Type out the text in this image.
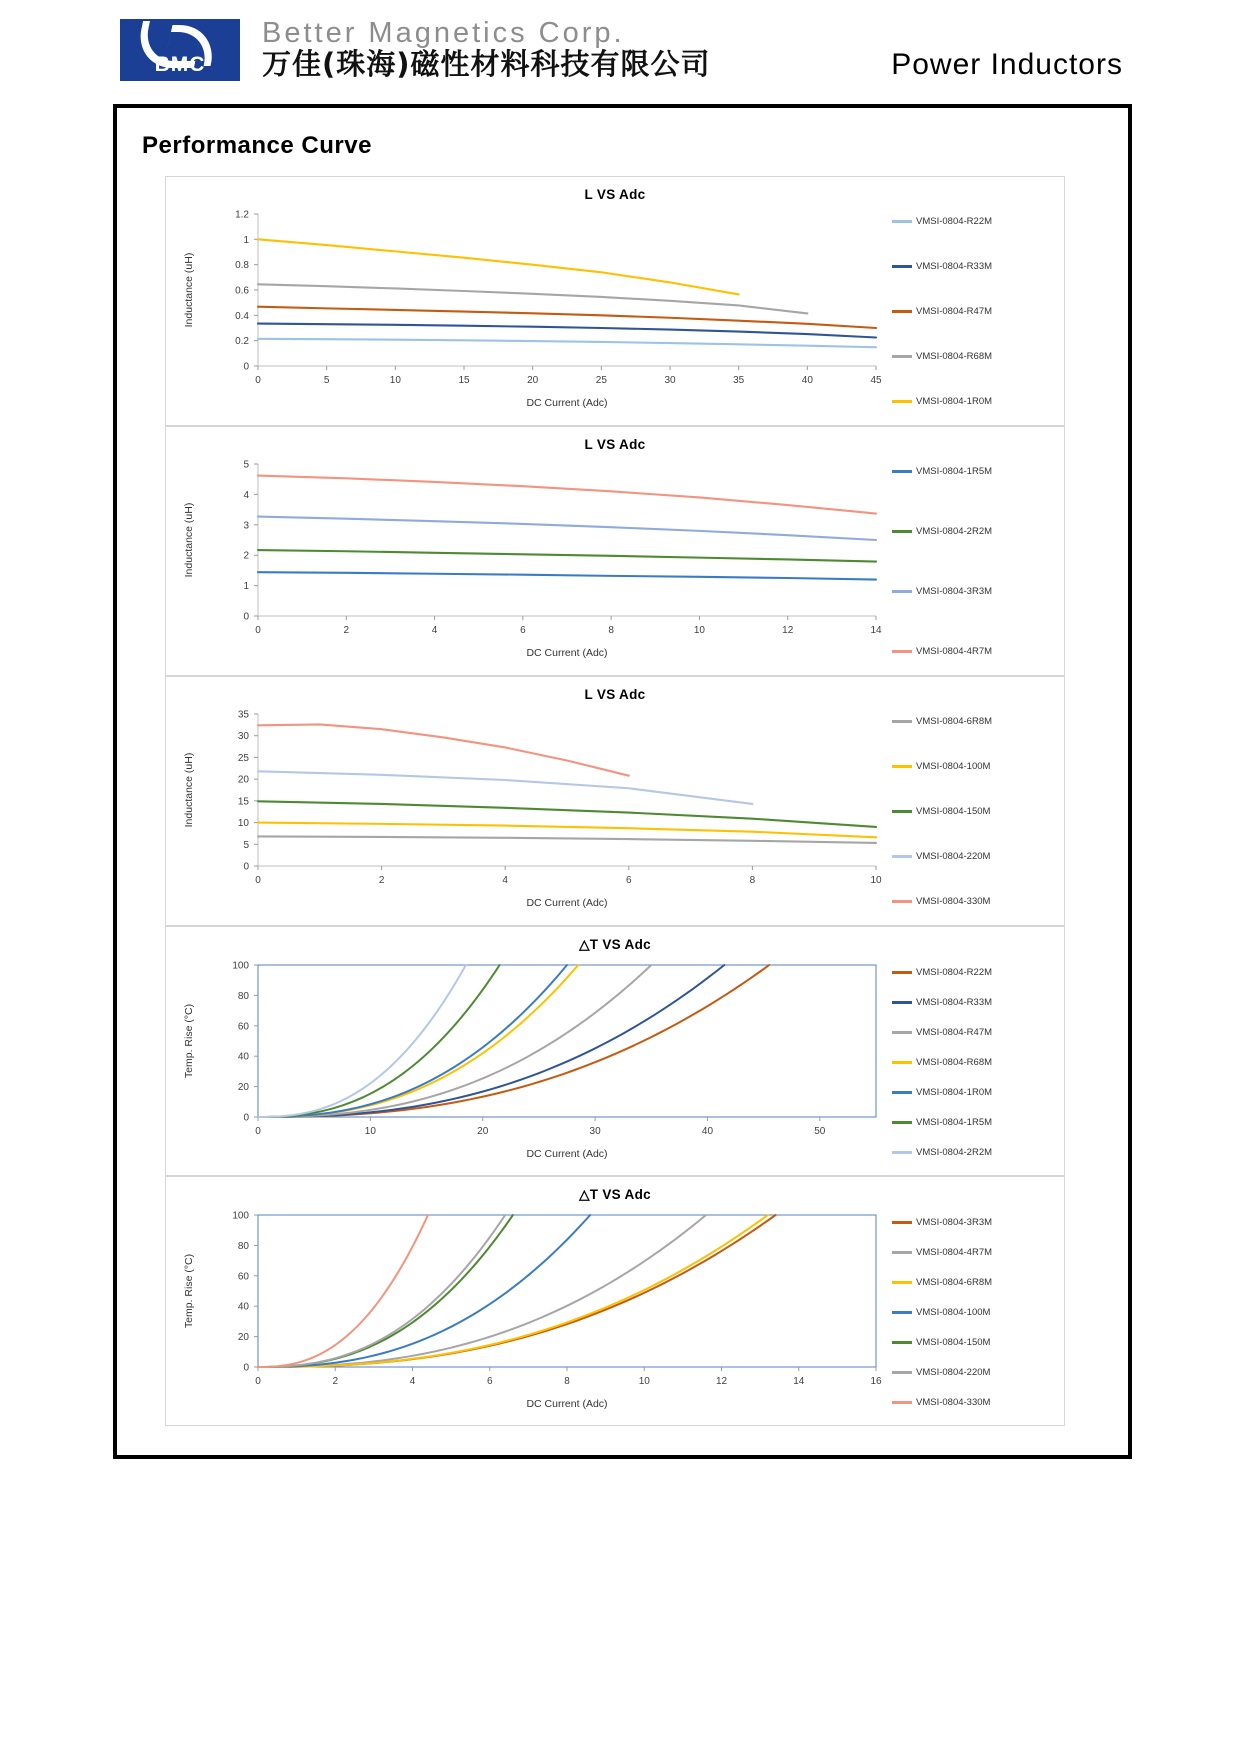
BMC
Better Magnetics Corp.
万佳(珠海)磁性材料科技有限公司	Power Inductors
Performance Curve
L VS Adc
0	5	10	15	20	25	30	35	40	45
0
0.2
0.4
0.6
0.8
1
1.2
DC Current (Adc)
Inductance (uH)
VMSI-0804-R22M
VMSI-0804-R33M
VMSI-0804-R47M
VMSI-0804-R68M
VMSI-0804-1R0M
L VS Adc
0	2	4	6	8	10	12	14
0
1
2
3
4
5
DC Current (Adc)
Inductance (uH)
VMSI-0804-1R5M
VMSI-0804-2R2M
VMSI-0804-3R3M
VMSI-0804-4R7M
L VS Adc
0	2	4	6	8	10
0
5
10
15
20
25
30
35
DC Current (Adc)
Inductance (uH)
VMSI-0804-6R8M
VMSI-0804-100M
VMSI-0804-150M
VMSI-0804-220M
VMSI-0804-330M
△T VS Adc
0	10	20	30	40	50
0
20
40
60
80
100
DC Current (Adc)
Temp. Rise (°C)
VMSI-0804-R22M
VMSI-0804-R33M
VMSI-0804-R47M
VMSI-0804-R68M
VMSI-0804-1R0M
VMSI-0804-1R5M
VMSI-0804-2R2M
△T VS Adc
0	2	4	6	8	10	12	14	16
0
20
40
60
80
100
DC Current (Adc)
Temp. Rise (°C)
VMSI-0804-3R3M
VMSI-0804-4R7M
VMSI-0804-6R8M
VMSI-0804-100M
VMSI-0804-150M
VMSI-0804-220M
VMSI-0804-330M
